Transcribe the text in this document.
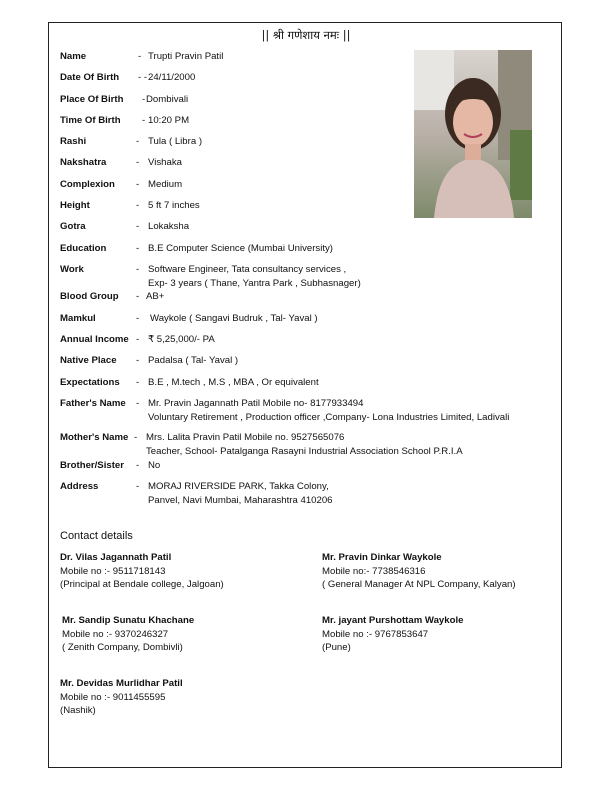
|| श्री गणेशाय नमः ||
Name	- Trupti Pravin Patil
Date Of Birth - - 24/11/2000
Place Of Birth - Dombivali
Time Of Birth - 10:20 PM
Rashi	- Tula ( Libra )
Nakshatra	- Vishaka
Complexion - Medium
Height	- 5 ft 7 inches
Gotra	- Lokaksha
Education	- B.E Computer Science (Mumbai University)
Work	- Software Engineer, Tata consultancy services ,
Exp- 3 years ( Thane, Yantra Park , Subhasnager)
Blood Group - AB+
Mamkul	- Waykole ( Sangavi Budruk , Tal- Yaval )
Annual Income - ₹ 5,25,000/- PA
Native Place - Padalsa ( Tal- Yaval )
Expectations - B.E , M.tech , M.S , MBA , Or equivalent
Father's Name - Mr. Pravin Jagannath Patil Mobile no- 8177933494
Voluntary Retirement , Production officer ,Company- Lona Industries Limited, Ladivali
Mother's Name - Mrs. Lalita Pravin Patil Mobile no. 9527565076
Teacher, School- Patalganga Rasayni Industrial Association School P.R.I.A
Brother/Sister - No
Address	- MORAJ RIVERSIDE PARK, Takka Colony,
Panvel, Navi Mumbai, Maharashtra 410206
Contact details
Dr. Vilas Jagannath Patil
Mobile no :- 9511718143
(Principal at Bendale college, Jalgoan)
Mr. Pravin Dinkar Waykole
Mobile no:- 7738546316
( General Manager At NPL Company, Kalyan)
Mr. Sandip Sunatu Khachane
Mobile no :- 9370246327
( Zenith Company, Dombivli)
Mr. jayant Purshottam Waykole
Mobile no :- 9767853647
(Pune)
Mr. Devidas Murlidhar Patil
Mobile no :- 9011455595
(Nashik)
